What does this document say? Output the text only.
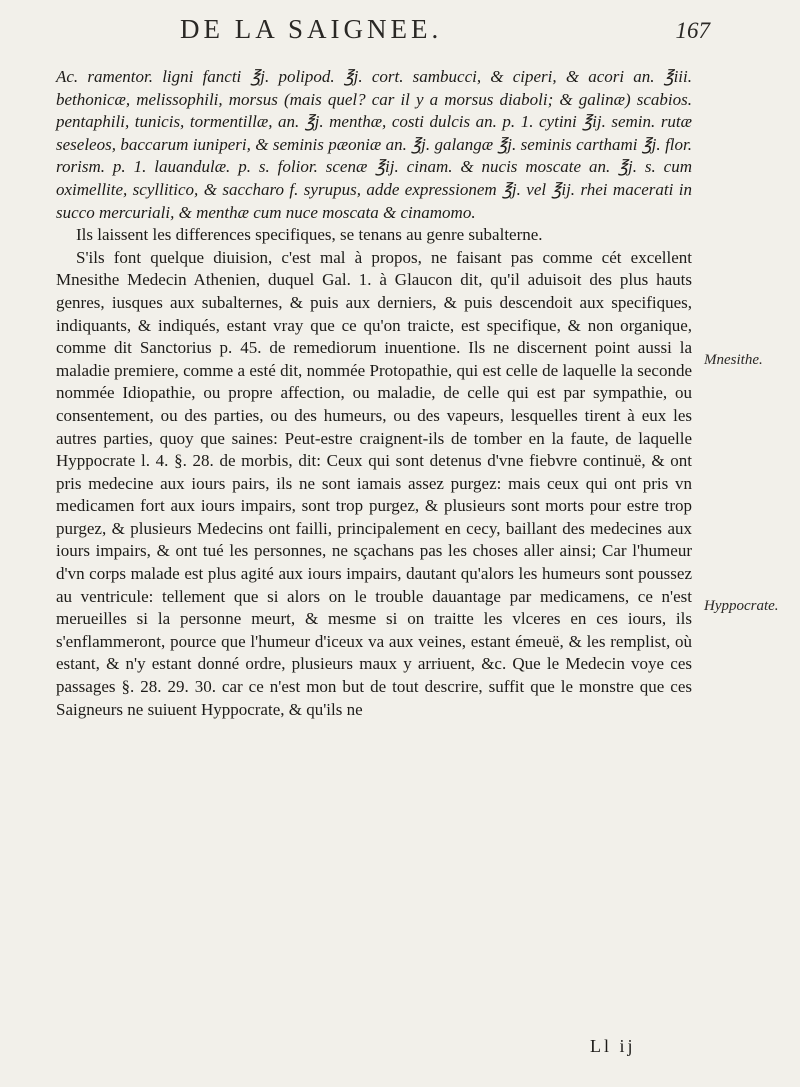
DE LA SAIGNEE.	167

Ac. ramentor. ligni fancti ℥j. polipod. ℥j. cort. sambucci, & ciperi, & acori an. ℥iii. bethonicæ, melissophili, morsus (mais quel? car il y a morsus diaboli; & galinæ) scabios. pentaphili, tunicis, tormentillæ, an. ℥j. menthæ, costi dulcis an. p. 1. cytini ℥ij. semin. rutæ seseleos, baccarum iuniperi, & seminis pæoniæ an. ℥j. galangæ ℥j. seminis carthami ℥j. flor. rorism. p. 1. lauandulæ. p. s. folior. scenæ ℥ij. cinam. & nucis moscate an. ℥j. s. cum oximellite, scyllitico, & saccharo f. syrupus, adde expressionem ℥j. vel ℥ij. rhei macerati in succo mercuriali, & menthæ cum nuce moscata & cinamomo.

Ils laissent les differences specifiques, se tenans au genre subalterne.

S'ils font quelque diuision, c'est mal à propos, ne faisant pas comme cét excellent Mnesithe Medecin Athenien, duquel Gal. 1. à Glaucon dit, qu'il aduisoit des plus hauts genres, iusques aux subalternes, & puis aux derniers, & puis descendoit aux specifiques, indiquants, & indiqués, estant vray que ce qu'on traicte, est specifique, & non organique, comme dit Sanctorius p. 45. de remediorum inuentione. Ils ne discernent point aussi la maladie premiere, comme a esté dit, nommée Protopathie, qui est celle de laquelle la seconde nommée Idiopathie, ou propre affection, ou maladie, de celle qui est par sympathie, ou consentement, ou des parties, ou des humeurs, ou des vapeurs, lesquelles tirent à eux les autres parties, quoy que saines: Peut-estre craignent-ils de tomber en la faute, de laquelle Hyppocrate l. 4. §. 28. de morbis, dit: Ceux qui sont detenus d'vne fiebvre continuë, & ont pris medecine aux iours pairs, ils ne sont iamais assez purgez: mais ceux qui ont pris vn medicamen fort aux iours impairs, sont trop purgez, & plusieurs sont morts pour estre trop purgez, & plusieurs Medecins ont failli, principalement en cecy, baillant des medecines aux iours impairs, & ont tué les personnes, ne sçachans pas les choses aller ainsi; Car l'humeur d'vn corps malade est plus agité aux iours impairs, dautant qu'alors les humeurs sont poussez au ventricule: tellement que si alors on le trouble dauantage par medicamens, ce n'est merueilles si la personne meurt, & mesme si on traitte les vlceres en ces iours, ils s'enflammeront, pource que l'humeur d'iceux va aux veines, estant émeuë, & les remplist, où estant, & n'y estant donné ordre, plusieurs maux y arriuent, &c. Que le Medecin voye ces passages §. 28. 29. 30. car ce n'est mon but de tout descrire, suffit que le monstre que ces Saigneurs ne suiuent Hyppocrate, & qu'ils ne

Mnesithe.
Hyppocrate.
Ll ij
